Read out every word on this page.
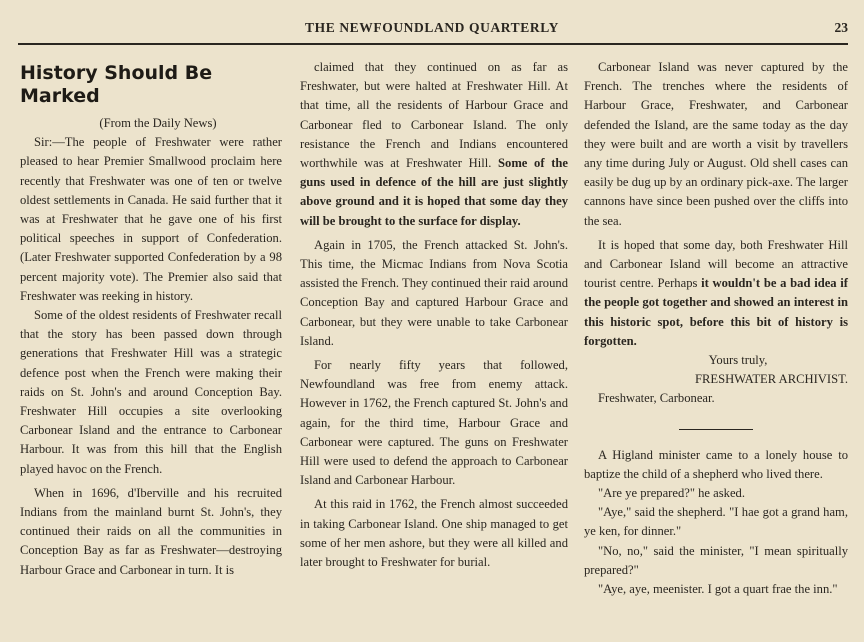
THE NEWFOUNDLAND QUARTERLY	23
History Should Be Marked

(From the Daily News)

Sir:—The people of Freshwater were rather pleased to hear Premier Smallwood proclaim here recently that Freshwater was one of ten or twelve oldest settlements in Canada. He said further that it was at Freshwater that he gave one of his first political speeches in support of Confederation. (Later Freshwater supported Confederation by a 98 percent majority vote). The Premier also said that Freshwater was reeking in history.

Some of the oldest residents of Freshwater recall that the story has been passed down through generations that Freshwater Hill was a strategic defence post when the French were making their raids on St. John's and around Conception Bay. Freshwater Hill occupies a site overlooking Carbonear Island and the entrance to Carbonear Harbour. It was from this hill that the English played havoc on the French.

When in 1696, d'Iberville and his recruited Indians from the mainland burnt St. John's, they continued their raids on all the communities in Conception Bay as far as Freshwater—destroying Harbour Grace and Carbonear in turn. It is

claimed that they continued on as far as Freshwater, but were halted at Freshwater Hill. At that time, all the residents of Harbour Grace and Carbonear fled to Carbonear Island. The only resistance the French and Indians encountered worthwhile was at Freshwater Hill. Some of the guns used in defence of the hill are just slightly above ground and it is hoped that some day they will be brought to the surface for display.

Again in 1705, the French attacked St. John's. This time, the Micmac Indians from Nova Scotia assisted the French. They continued their raid around Conception Bay and captured Harbour Grace and Carbonear, but they were unable to take Carbonear Island.

For nearly fifty years that followed, Newfoundland was free from enemy attack. However in 1762, the French captured St. John's and again, for the third time, Harbour Grace and Carbonear were captured. The guns on Freshwater Hill were used to defend the approach to Carbonear Island and Carbonear Harbour.

At this raid in 1762, the French almost succeeded in taking Carbonear Island. One ship managed to get some of her men ashore, but they were all killed and later brought to Freshwater for burial.

Carbonear Island was never captured by the French. The trenches where the residents of Harbour Grace, Freshwater, and Carbonear defended the Island, are the same today as the day they were built and are worth a visit by travellers any time during July or August. Old shell cases can easily be dug up by an ordinary pick-axe. The larger cannons have since been pushed over the cliffs into the sea.

It is hoped that some day, both Freshwater Hill and Carbonear Island will become an attractive tourist centre. Perhaps it wouldn't be a bad idea if the people got together and showed an interest in this historic spot, before this bit of history is forgotten.

Yours truly,

FRESHWATER ARCHIVIST.

Freshwater, Carbonear.

A Higland minister came to a lonely house to baptize the child of a shepherd who lived there.

"Are ye prepared?" he asked.

"Aye," said the shepherd. "I hae got a grand ham, ye ken, for dinner."

"No, no," said the minister, "I mean spiritually prepared?"

"Aye, aye, meenister. I got a quart frae the inn."
